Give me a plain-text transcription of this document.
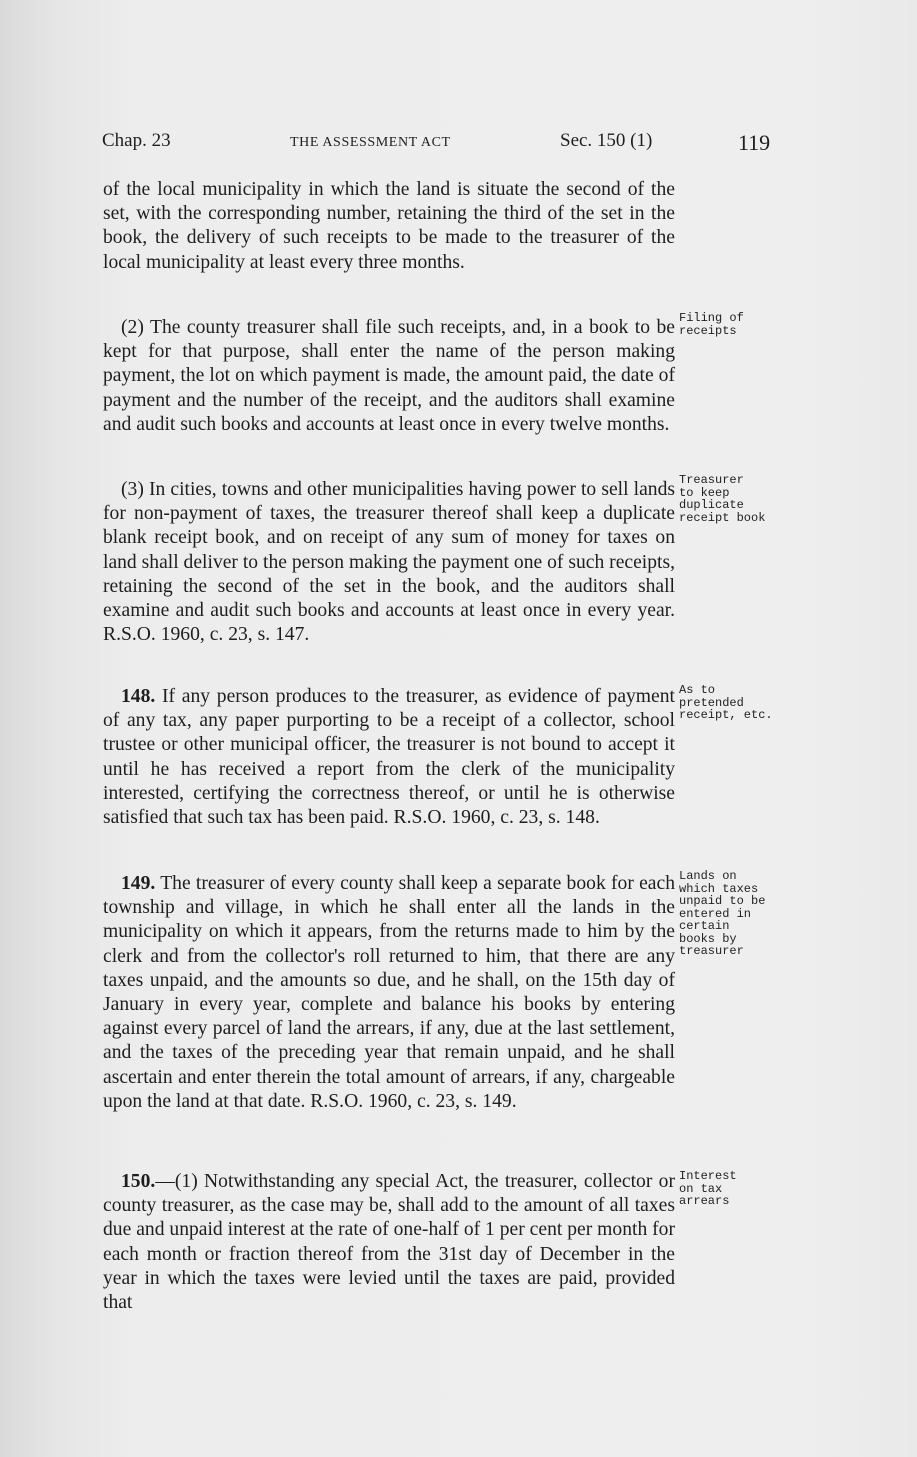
Chap. 23	THE ASSESSMENT ACT	Sec. 150 (1)	119

of the local municipality in which the land is situate the second of the set, with the corresponding number, retaining the third of the set in the book, the delivery of such receipts to be made to the treasurer of the local municipality at least every three months.

(2) The county treasurer shall file such receipts, and, in a book to be kept for that purpose, shall enter the name of the person making payment, the lot on which payment is made, the amount paid, the date of payment and the number of the receipt, and the auditors shall examine and audit such books and accounts at least once in every twelve months.

(3) In cities, towns and other municipalities having power to sell lands for non-payment of taxes, the treasurer thereof shall keep a duplicate blank receipt book, and on receipt of any sum of money for taxes on land shall deliver to the person making the payment one of such receipts, retaining the second of the set in the book, and the auditors shall examine and audit such books and accounts at least once in every year. R.S.O. 1960, c. 23, s. 147.

148. If any person produces to the treasurer, as evidence of payment of any tax, any paper purporting to be a receipt of a collector, school trustee or other municipal officer, the treasurer is not bound to accept it until he has received a report from the clerk of the municipality interested, certifying the correctness thereof, or until he is otherwise satisfied that such tax has been paid. R.S.O. 1960, c. 23, s. 148.

149. The treasurer of every county shall keep a separate book for each township and village, in which he shall enter all the lands in the municipality on which it appears, from the returns made to him by the clerk and from the collector's roll returned to him, that there are any taxes unpaid, and the amounts so due, and he shall, on the 15th day of January in every year, complete and balance his books by entering against every parcel of land the arrears, if any, due at the last settlement, and the taxes of the preceding year that remain unpaid, and he shall ascertain and enter therein the total amount of arrears, if any, chargeable upon the land at that date. R.S.O. 1960, c. 23, s. 149.

150.—(1) Notwithstanding any special Act, the treasurer, collector or county treasurer, as the case may be, shall add to the amount of all taxes due and unpaid interest at the rate of one-half of 1 per cent per month for each month or fraction thereof from the 31st day of December in the year in which the taxes were levied until the taxes are paid, provided that

Filing of
receipts
Treasurer
to keep
duplicate
receipt book
As to
pretended
receipt, etc.
Lands on
which taxes
unpaid to be
entered in
certain
books by
treasurer
Interest
on tax
arrears
